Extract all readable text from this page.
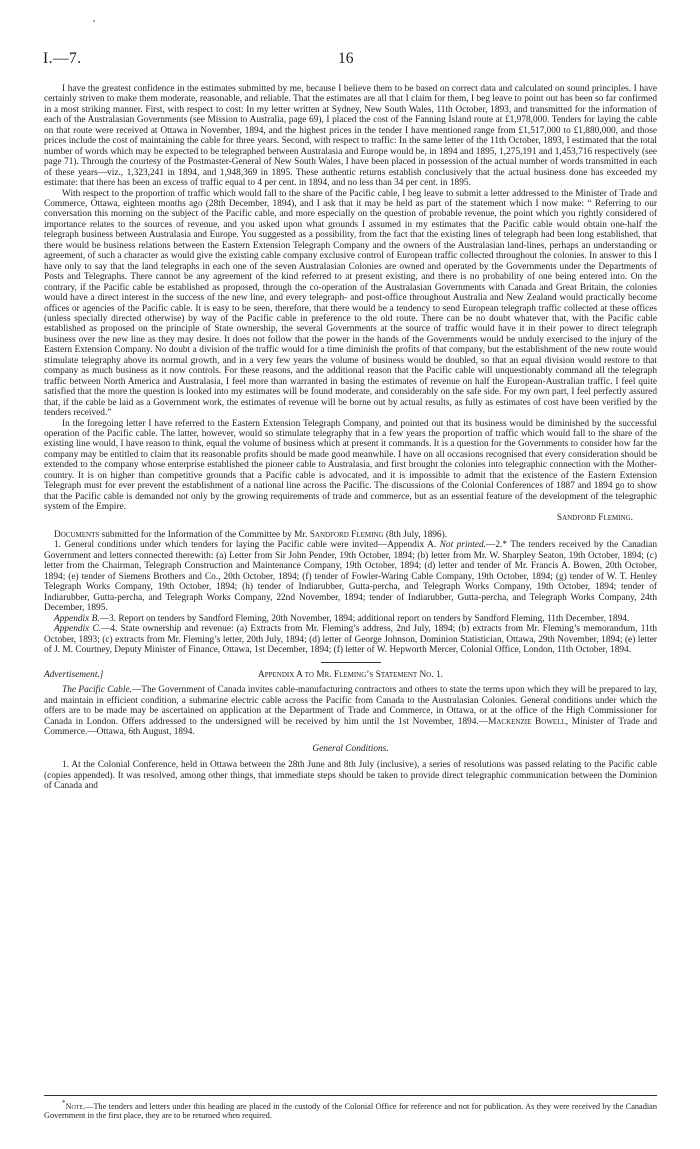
I.—7.	16

I have the greatest confidence in the estimates submitted by me, because I believe them to be based on correct data and calculated on sound principles. I have certainly striven to make them moderate, reasonable, and reliable. That the estimates are all that I claim for them, I beg leave to point out has been so far confirmed in a most striking manner. First, with respect to cost: In my letter written at Sydney, New South Wales, 11th October, 1893, and transmitted for the information of each of the Australasian Governments (see Mission to Australia, page 69), I placed the cost of the Fanning Island route at £1,978,000. Tenders for laying the cable on that route were received at Ottawa in November, 1894, and the highest prices in the tender I have mentioned range from £1,517,000 to £1,880,000, and those prices include the cost of maintaining the cable for three years. Second, with respect to traffic: In the same letter of the 11th October, 1893, I estimated that the total number of words which may be expected to be telegraphed between Australasia and Europe would be, in 1894 and 1895, 1,275,191 and 1,453,716 respectively (see page 71). Through the courtesy of the Postmaster-General of New South Wales, I have been placed in possession of the actual number of words transmitted in each of these years—viz., 1,323,241 in 1894, and 1,948,369 in 1895. These authentic returns establish conclusively that the actual business done has exceeded my estimate: that there has been an excess of traffic equal to 4 per cent. in 1894, and no less than 34 per cent. in 1895.

With respect to the proportion of traffic which would fall to the share of the Pacific cable, I beg leave to submit a letter addressed to the Minister of Trade and Commerce, Ottawa, eighteen months ago (28th December, 1894), and I ask that it may be held as part of the statement which I now make: “ Referring to our conversation this morning on the subject of the Pacific cable, and more especially on the question of probable revenue, the point which you rightly considered of importance relates to the sources of revenue, and you asked upon what grounds I assumed in my estimates that the Pacific cable would obtain one-half the telegraph business between Australasia and Europe. You suggested as a possibility, from the fact that the existing lines of telegraph had been long established, that there would be business relations between the Eastern Extension Telegraph Company and the owners of the Australasian land-lines, perhaps an understanding or agreement, of such a character as would give the existing cable company exclusive control of European traffic collected throughout the colonies. In answer to this I have only to say that the land telegraphs in each one of the seven Australasian Colonies are owned and operated by the Governments under the Departments of Posts and Telegraphs. There cannot be any agreement of the kind referred to at present existing, and there is no probability of one being entered into. On the contrary, if the Pacific cable be established as proposed, through the co-operation of the Australasian Governments with Canada and Great Britain, the colonies would have a direct interest in the success of the new line, and every telegraph- and post-office throughout Australia and New Zealand would practically become offices or agencies of the Pacific cable. It is easy to be seen, therefore, that there would be a tendency to send European telegraph traffic collected at these offices (unless specially directed otherwise) by way of the Pacific cable in preference to the old route. There can be no doubt whatever that, with the Pacific cable established as proposed on the principle of State ownership, the several Governments at the source of traffic would have it in their power to direct telegraph business over the new line as they may desire. It does not follow that the power in the hands of the Governments would be unduly exercised to the injury of the Eastern Extension Company. No doubt a division of the traffic would for a time diminish the profits of that company, but the establishment of the new route would stimulate telegraphy above its normal growth, and in a very few years the volume of business would be doubled, so that an equal division would restore to that company as much business as it now controls. For these reasons, and the additional reason that the Pacific cable will unquestionably command all the telegraph traffic between North America and Australasia, I feel more than warranted in basing the estimates of revenue on half the European-Australian traffic. I feel quite satisfied that the more the question is looked into my estimates will be found moderate, and considerably on the safe side. For my own part, I feel perfectly assured that, if the cable be laid as a Government work, the estimates of revenue will be borne out by actual results, as fully as estimates of cost have been verified by the tenders received.”

In the foregoing letter I have referred to the Eastern Extension Telegraph Company, and pointed out that its business would be diminished by the successful operation of the Pacific cable. The latter, however, would so stimulate telegraphy that in a few years the proportion of traffic which would fall to the share of the existing line would, I have reason to think, equal the volume of business which at present it commands. It is a question for the Governments to consider how far the company may be entitled to claim that its reasonable profits should be made good meanwhile. I have on all occasions recognised that every consideration should be extended to the company whose enterprise established the pioneer cable to Australasia, and first brought the colonies into telegraphic connection with the Mother-country. It is on higher than competitive grounds that a Pacific cable is advocated, and it is impossible to admit that the existence of the Eastern Extension Telegraph must for ever prevent the establishment of a national line across the Pacific. The discussions of the Colonial Conferences of 1887 and 1894 go to show that the Pacific cable is demanded not only by the growing requirements of trade and commerce, but as an essential feature of the development of the telegraphic system of the Empire.

Sandford Fleming.

Documents submitted for the Information of the Committee by Mr. Sandford Fleming (8th July, 1896).

1. General conditions under which tenders for laying the Pacific cable were invited—Appendix A. Not printed.—2.* The tenders received by the Canadian Government and letters connected therewith: (a) Letter from Sir John Pender, 19th October, 1894; (b) letter from Mr. W. Sharpley Seaton, 19th October, 1894; (c) letter from the Chairman, Telegraph Construction and Maintenance Company, 19th October, 1894; (d) letter and tender of Mr. Francis A. Bowen, 20th October, 1894; (e) tender of Siemens Brothers and Co., 20th October, 1894; (f) tender of Fowler-Waring Cable Company, 19th October, 1894; (g) tender of W. T. Henley Telegraph Works Company, 19th October, 1894; (h) tender of Indiarubber, Gutta-percha, and Telegraph Works Company, 19th October, 1894; tender of Indiarubber, Gutta-percha, and Telegraph Works Company, 22nd November, 1894; tender of Indiarubber, Gutta-percha, and Telegraph Works Company, 24th December, 1895.

Appendix B.—3. Report on tenders by Sandford Fleming, 20th November, 1894; additional report on tenders by Sandford Fleming, 11th December, 1894.

Appendix C.—4. State ownership and revenue: (a) Extracts from Mr. Fleming’s address, 2nd July, 1894; (b) extracts from Mr. Fleming’s memorandum, 11th October, 1893; (c) extracts from Mr. Fleming’s letter, 20th July, 1894; (d) letter of George Johnson, Dominion Statistician, Ottawa, 29th November, 1894; (e) letter of J. M. Courtney, Deputy Minister of Finance, Ottawa, 1st December, 1894; (f) letter of W. Hepworth Mercer, Colonial Office, London, 11th October, 1894.

Advertisement.]	Appendix A to Mr. Fleming’s Statement No. 1.

The Pacific Cable.—The Government of Canada invites cable-manufacturing contractors and others to state the terms upon which they will be prepared to lay, and maintain in efficient condition, a submarine electric cable across the Pacific from Canada to the Australasian Colonies. General conditions under which the offers are to be made may be ascertained on application at the Department of Trade and Commerce, in Ottawa, or at the office of the High Commissioner for Canada in London. Offers addressed to the undersigned will be received by him until the 1st November, 1894.—Mackenzie Bowell, Minister of Trade and Commerce.—Ottawa, 6th August, 1894.

General Conditions.

1. At the Colonial Conference, held in Ottawa between the 28th June and 8th July (inclusive), a series of resolutions was passed relating to the Pacific cable (copies appended). It was resolved, among other things, that immediate steps should be taken to provide direct telegraphic communication between the Dominion of Canada and

*Note.—The tenders and letters under this heading are placed in the custody of the Colonial Office for reference and not for publication. As they were received by the Canadian Government in the first place, they are to be returned when required.
